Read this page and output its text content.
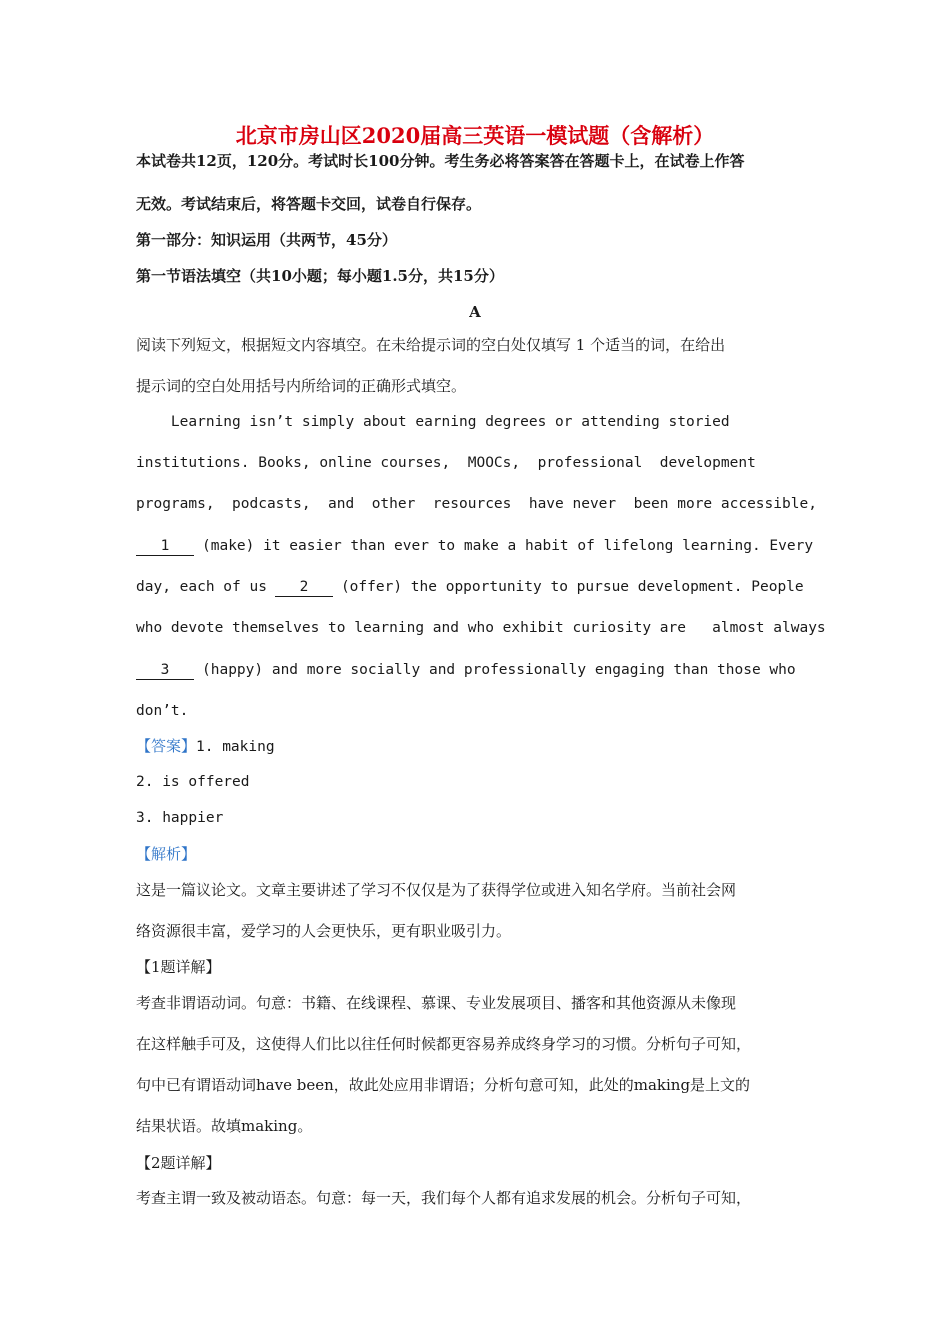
北京市房山区2020届高三英语一模试题（含解析）
本试卷共12页，120分。考试时长100分钟。考生务必将答案答在答题卡上，在试卷上作答
无效。考试结束后，将答题卡交回，试卷自行保存。
第一部分：知识运用（共两节，45分）
第一节语法填空（共10小题；每小题1.5分，共15分）
A
阅读下列短文，根据短文内容填空。在未给提示词的空白处仅填写 1 个适当的词，在给出
提示词的空白处用括号内所给词的正确形式填空。
Learning isn’t simply about earning degrees or attending storied
institutions. Books, online courses,  MOOCs,  professional  development
programs,  podcasts,  and  other  resources  have never  been more accessible,
1 (make) it easier than ever to make a habit of lifelong learning. Every
day, each of us 2 (offer) the opportunity to pursue development. People
who devote themselves to learning and who exhibit curiosity are   almost always
3 (happy) and more socially and professionally engaging than those who
don’t.
【答案】1. making
2. is offered
3. happier
【解析】
这是一篇议论文。文章主要讲述了学习不仅仅是为了获得学位或进入知名学府。当前社会网
络资源很丰富，爱学习的人会更快乐，更有职业吸引力。
【1题详解】
考查非谓语动词。句意：书籍、在线课程、慕课、专业发展项目、播客和其他资源从未像现
在这样触手可及，这使得人们比以往任何时候都更容易养成终身学习的习惯。分析句子可知，
句中已有谓语动词have been，故此处应用非谓语；分析句意可知，此处的making是上文的
结果状语。故填making。
【2题详解】
考查主谓一致及被动语态。句意：每一天，我们每个人都有追求发展的机会。分析句子可知，
